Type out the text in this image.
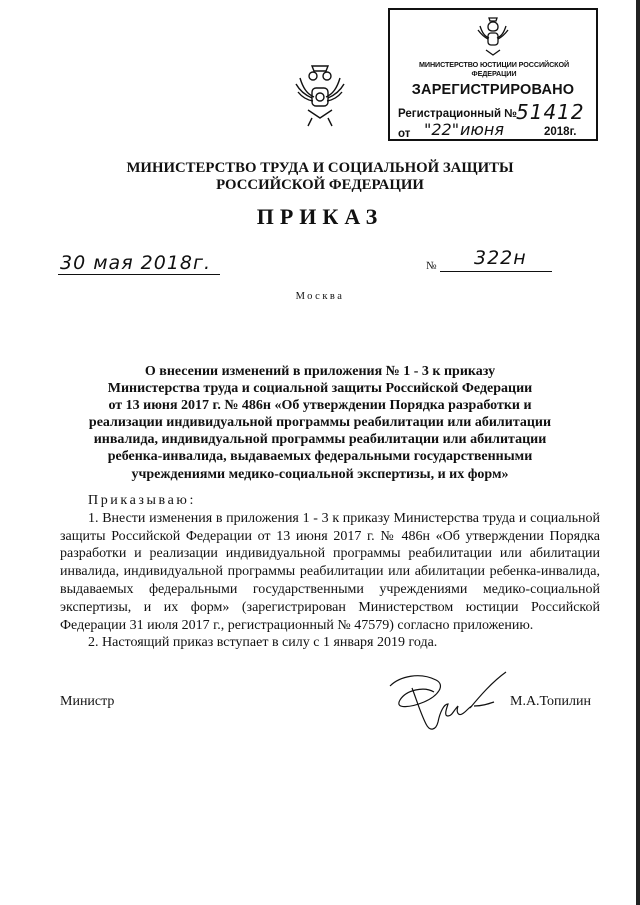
МИНИСТЕРСТВО ЮСТИЦИИ РОССИЙСКОЙ ФЕДЕРАЦИИ
ЗАРЕГИСТРИРОВАНО
Регистрационный №
51412
от "22" июня	2018г.
МИНИСТЕРСТВО ТРУДА И СОЦИАЛЬНОЙ ЗАЩИТЫ
РОССИЙСКОЙ ФЕДЕРАЦИИ
ПРИКАЗ
30 мая 2018г.	№ 322н
Москва
О внесении изменений в приложения № 1 - 3 к приказу
Министерства труда и социальной защиты Российской Федерации
от 13 июня 2017 г. № 486н «Об утверждении Порядка разработки и
реализации индивидуальной программы реабилитации или абилитации
инвалида, индивидуальной программы реабилитации или абилитации
ребенка-инвалида, выдаваемых федеральными государственными
учреждениями медико-социальной экспертизы, и их форм»

Приказываю:

1. Внести изменения в приложения 1 - 3 к приказу Министерства труда и социальной защиты Российской Федерации от 13 июня 2017 г. № 486н «Об утверждении Порядка разработки и реализации индивидуальной программы реабилитации или абилитации инвалида, индивидуальной программы реабилитации или абилитации ребенка-инвалида, выдаваемых федеральными государственными учреждениями медико-социальной экспертизы, и их форм» (зарегистрирован Министерством юстиции Российской Федерации 31 июля 2017 г., регистрационный № 47579) согласно приложению.

2. Настоящий приказ вступает в силу с 1 января 2019 года.

Министр	М.А.Топилин
